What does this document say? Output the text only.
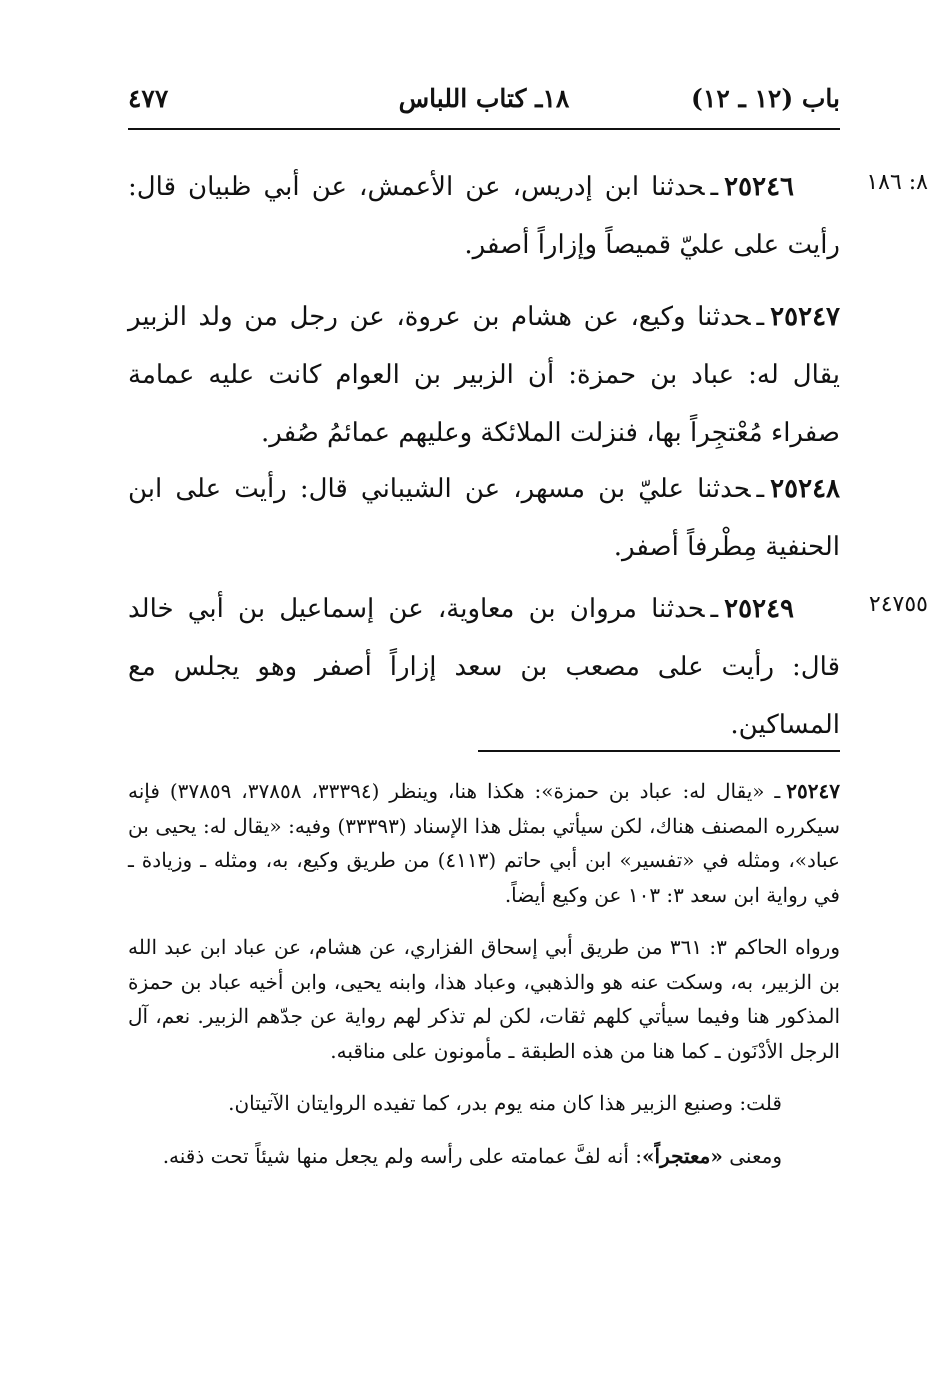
باب (١٢ ـ ١٢)
١٨ـ كتاب اللباس
٤٧٧
٨: ١٨٦
٢٥٢٤٦ـحدثنا ابن إدريس، عن الأعمش، عن أبي ظبيان قال: رأيت على عليّ قميصاً وإزاراً أصفر.
٢٥٢٤٧ـحدثنا وكيع، عن هشام بن عروة، عن رجل من ولد الزبير يقال له: عباد بن حمزة: أن الزبير بن العوام كانت عليه عمامة صفراء مُعْتجِراً بها، فنزلت الملائكة وعليهم عمائمُ صُفر.
٢٥٢٤٨ـحدثنا عليّ بن مسهر، عن الشيباني قال: رأيت على ابن الحنفية مِطْرفاً أصفر.
٢٤٧٥٥
٢٥٢٤٩ـحدثنا مروان بن معاوية، عن إسماعيل بن أبي خالد قال: رأيت على مصعب بن سعد إزاراً أصفر وهو يجلس مع المساكين.

٢٥٢٤٧ـ «يقال له: عباد بن حمزة»: هكذا هنا، وينظر (٣٣٣٩٤، ٣٧٨٥٨، ٣٧٨٥٩) فإنه سيكرره المصنف هناك، لكن سيأتي بمثل هذا الإسناد (٣٣٣٩٣) وفيه: «يقال له: يحيى بن عباد»، ومثله في «تفسير» ابن أبي حاتم (٤١١٣) من طريق وكيع، به، ومثله ـ وزيادة ـ في رواية ابن سعد ٣: ١٠٣ عن وكيع أيضاً.

ورواه الحاكم ٣: ٣٦١ من طريق أبي إسحاق الفزاري، عن هشام، عن عباد ابن عبد الله بن الزبير، به، وسكت عنه هو والذهبي، وعباد هذا، وابنه يحيى، وابن أخيه عباد بن حمزة المذكور هنا وفيما سيأتي كلهم ثقات، لكن لم تذكر لهم رواية عن جدّهم الزبير. نعم، آل الرجل الأدْنَون ـ كما هنا من هذه الطبقة ـ مأمونون على مناقبه.

قلت: وصنيع الزبير هذا كان منه يوم بدر، كما تفيده الروايتان الآتيتان.

ومعنى «معتجراً»: أنه لفَّ عمامته على رأسه ولم يجعل منها شيئاً تحت ذقنه.
